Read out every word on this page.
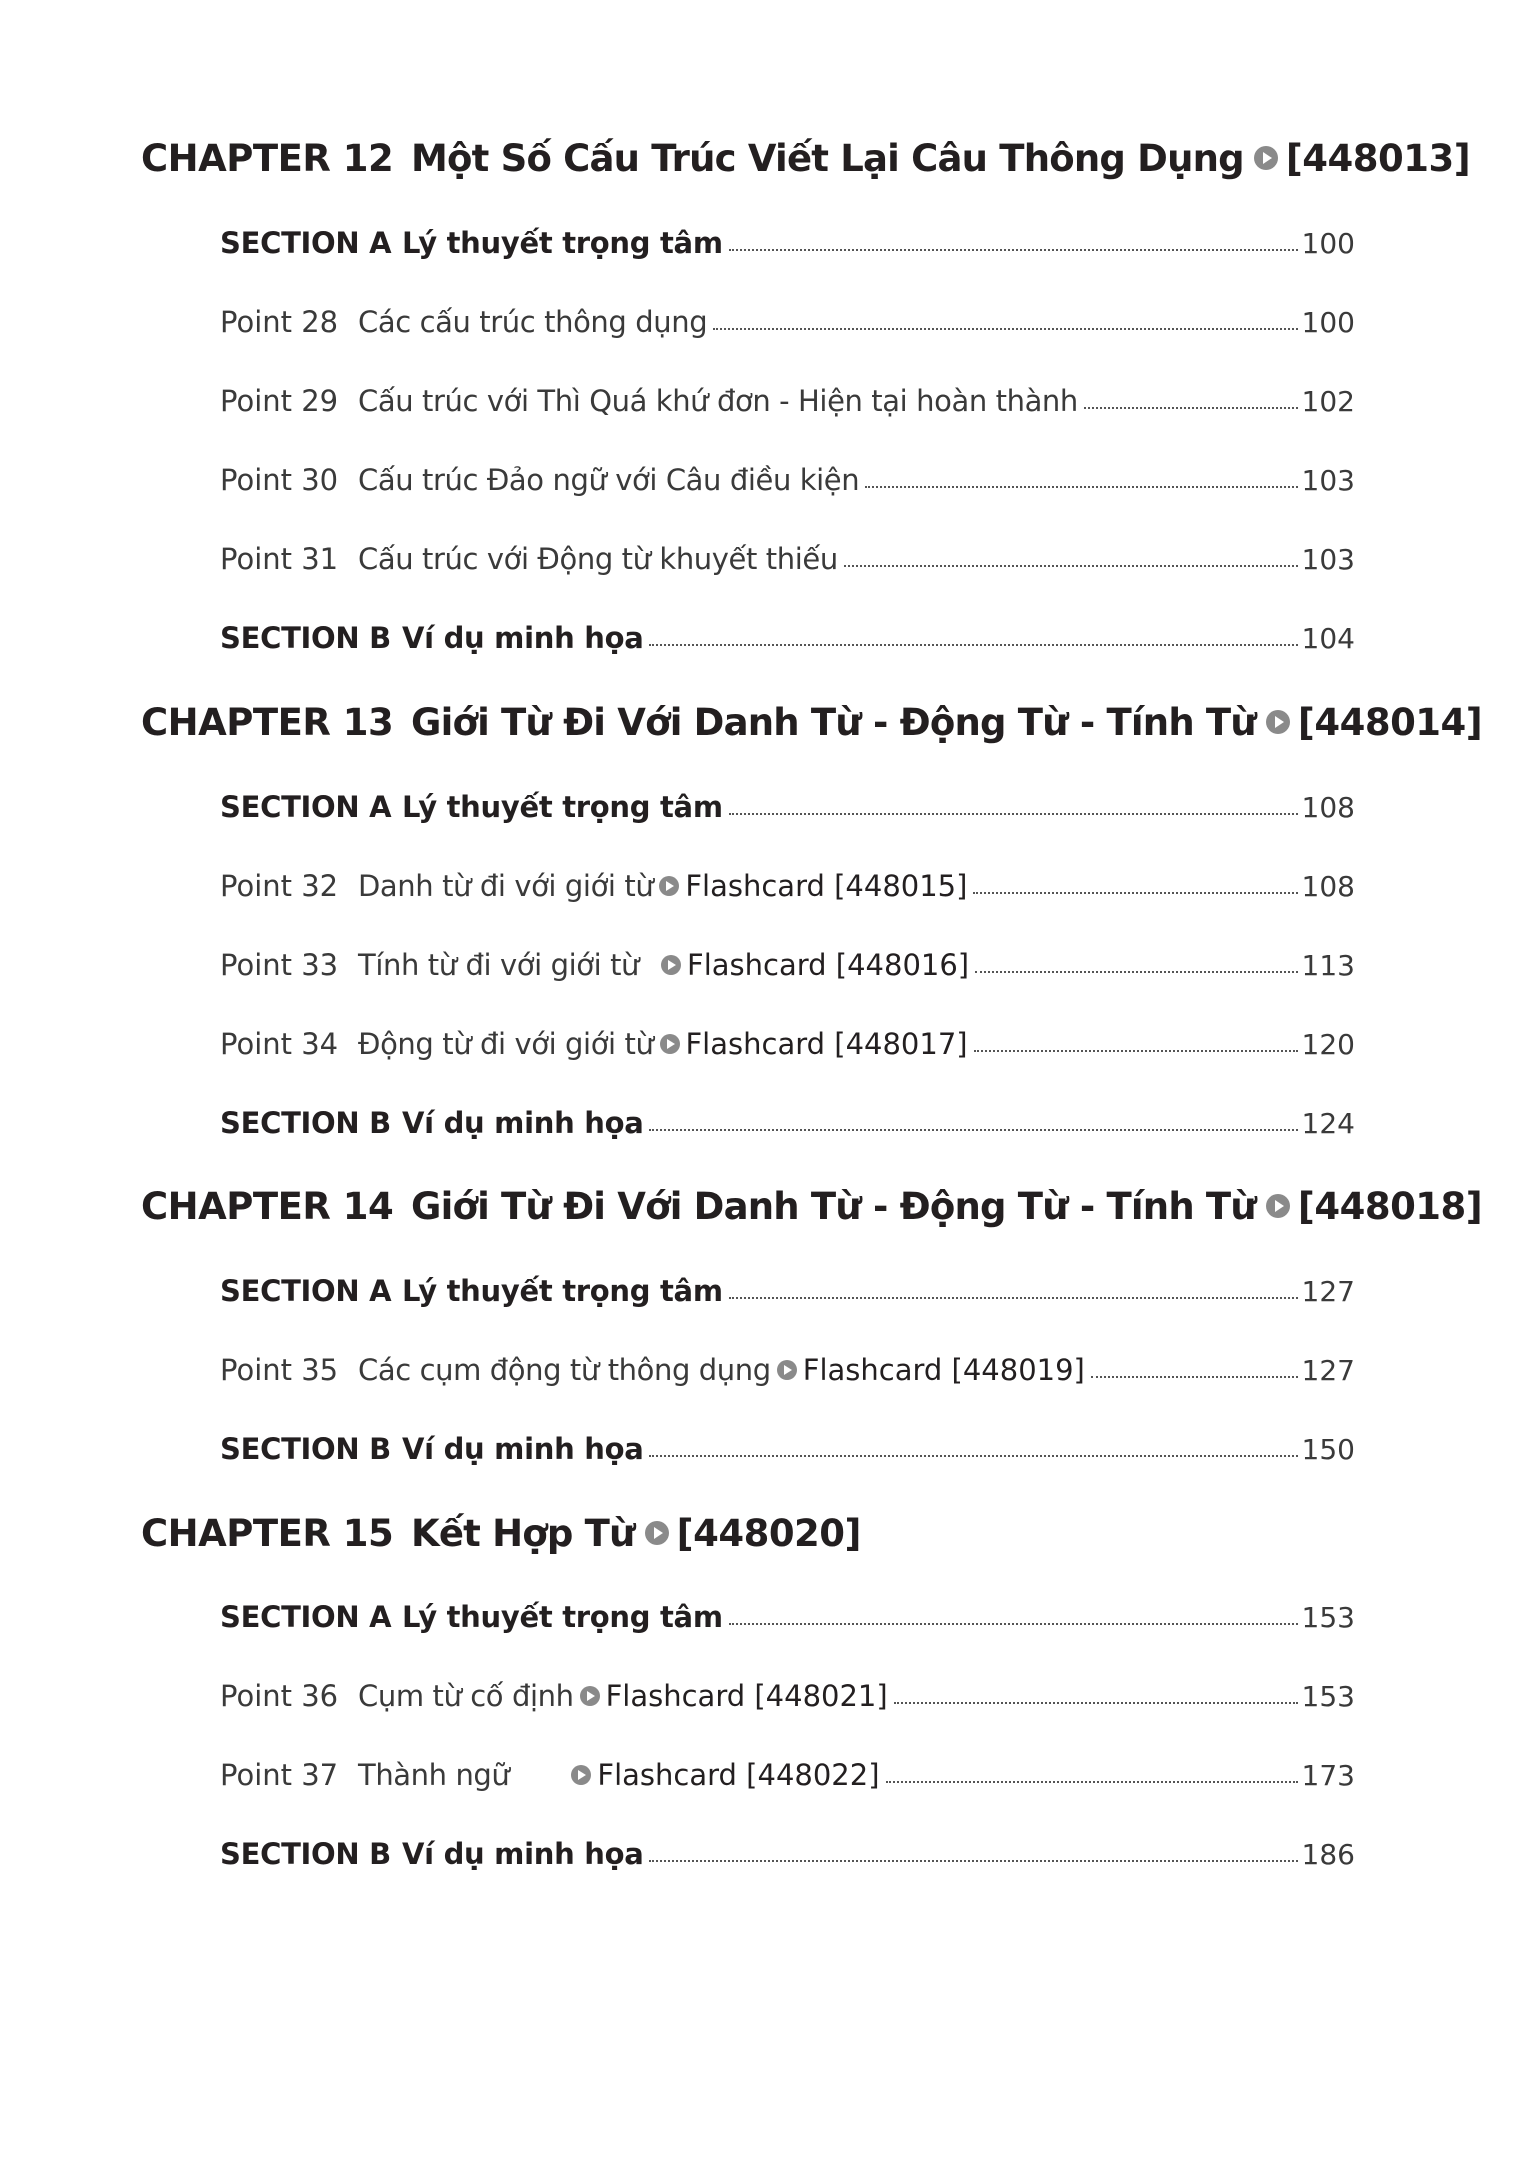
CHAPTER 12 Một Số Cấu Trúc Viết Lại Câu Thông Dụng [448013]
SECTION A Lý thuyết trọng tâm	100
Point 28 Các cấu trúc thông dụng	100
Point 29 Cấu trúc với Thì Quá khứ đơn - Hiện tại hoàn thành	102
Point 30 Cấu trúc Đảo ngữ với Câu điều kiện	103
Point 31 Cấu trúc với Động từ khuyết thiếu	103
SECTION B Ví dụ minh họa	104
CHAPTER 13 Giới Từ Đi Với Danh Từ - Động Từ - Tính Từ [448014]
SECTION A Lý thuyết trọng tâm	108
Point 32 Danh từ đi với giới từ Flashcard [448015]	108
Point 33 Tính từ đi với giới từ Flashcard [448016]	113
Point 34 Động từ đi với giới từ Flashcard [448017]	120
SECTION B Ví dụ minh họa	124
CHAPTER 14 Giới Từ Đi Với Danh Từ - Động Từ - Tính Từ [448018]
SECTION A Lý thuyết trọng tâm	127
Point 35 Các cụm động từ thông dụng Flashcard [448019]	127
SECTION B Ví dụ minh họa	150
CHAPTER 15 Kết Hợp Từ [448020]
SECTION A Lý thuyết trọng tâm	153
Point 36 Cụm từ cố định Flashcard [448021]	153
Point 37 Thành ngữ	Flashcard [448022]	173
SECTION B Ví dụ minh họa	186
